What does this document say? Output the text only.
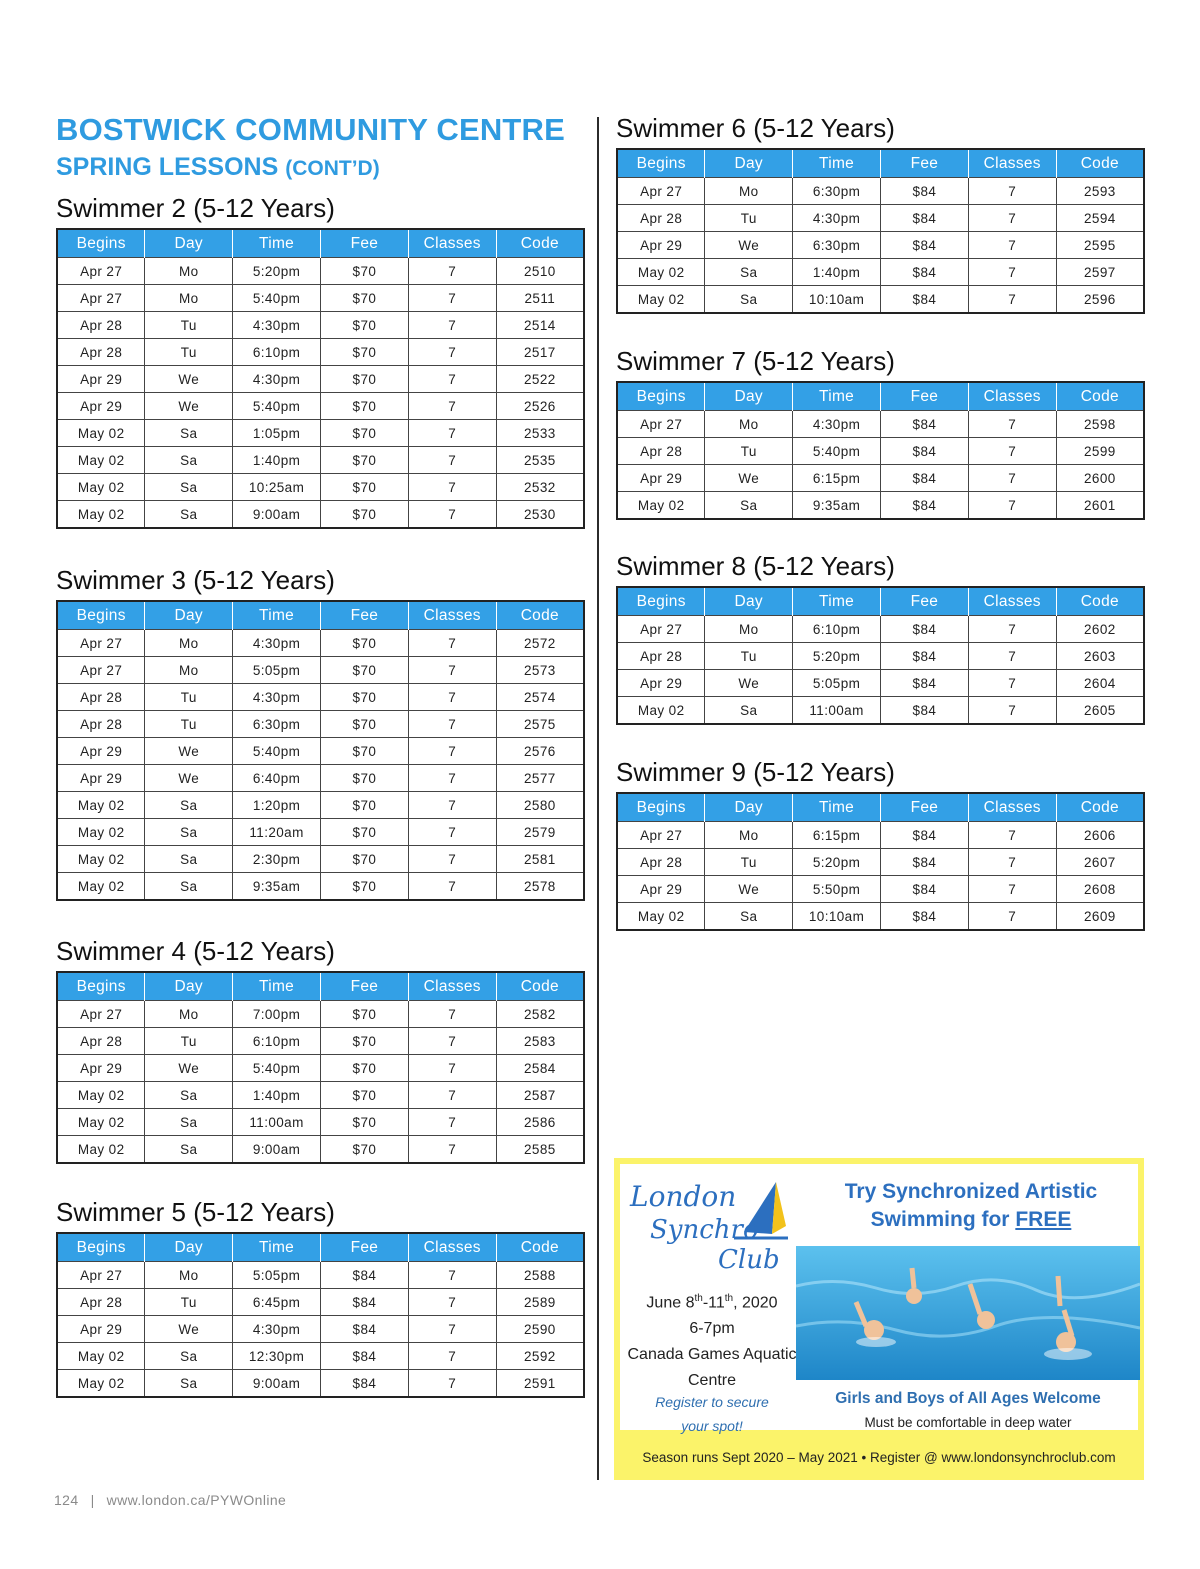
BOSTWICK COMMUNITY CENTRE
SPRING LESSONS (CONT’D)
Swimmer 2 (5-12 Years)
Begins	Day	Time	Fee	Classes	Code
Apr 27	Mo	5:20pm	$70	7	2510
Apr 27	Mo	5:40pm	$70	7	2511
Apr 28	Tu	4:30pm	$70	7	2514
Apr 28	Tu	6:10pm	$70	7	2517
Apr 29	We	4:30pm	$70	7	2522
Apr 29	We	5:40pm	$70	7	2526
May 02	Sa	1:05pm	$70	7	2533
May 02	Sa	1:40pm	$70	7	2535
May 02	Sa	10:25am	$70	7	2532
May 02	Sa	9:00am	$70	7	2530
Swimmer 3 (5-12 Years)
Begins	Day	Time	Fee	Classes	Code
Apr 27	Mo	4:30pm	$70	7	2572
Apr 27	Mo	5:05pm	$70	7	2573
Apr 28	Tu	4:30pm	$70	7	2574
Apr 28	Tu	6:30pm	$70	7	2575
Apr 29	We	5:40pm	$70	7	2576
Apr 29	We	6:40pm	$70	7	2577
May 02	Sa	1:20pm	$70	7	2580
May 02	Sa	11:20am	$70	7	2579
May 02	Sa	2:30pm	$70	7	2581
May 02	Sa	9:35am	$70	7	2578
Swimmer 4 (5-12 Years)
Begins	Day	Time	Fee	Classes	Code
Apr 27	Mo	7:00pm	$70	7	2582
Apr 28	Tu	6:10pm	$70	7	2583
Apr 29	We	5:40pm	$70	7	2584
May 02	Sa	1:40pm	$70	7	2587
May 02	Sa	11:00am	$70	7	2586
May 02	Sa	9:00am	$70	7	2585
Swimmer 5 (5-12 Years)
Begins	Day	Time	Fee	Classes	Code
Apr 27	Mo	5:05pm	$84	7	2588
Apr 28	Tu	6:45pm	$84	7	2589
Apr 29	We	4:30pm	$84	7	2590
May 02	Sa	12:30pm	$84	7	2592
May 02	Sa	9:00am	$84	7	2591
Swimmer 6 (5-12 Years)
Begins	Day	Time	Fee	Classes	Code
Apr 27	Mo	6:30pm	$84	7	2593
Apr 28	Tu	4:30pm	$84	7	2594
Apr 29	We	6:30pm	$84	7	2595
May 02	Sa	1:40pm	$84	7	2597
May 02	Sa	10:10am	$84	7	2596
Swimmer 7 (5-12 Years)
Begins	Day	Time	Fee	Classes	Code
Apr 27	Mo	4:30pm	$84	7	2598
Apr 28	Tu	5:40pm	$84	7	2599
Apr 29	We	6:15pm	$84	7	2600
May 02	Sa	9:35am	$84	7	2601
Swimmer 8 (5-12 Years)
Begins	Day	Time	Fee	Classes	Code
Apr 27	Mo	6:10pm	$84	7	2602
Apr 28	Tu	5:20pm	$84	7	2603
Apr 29	We	5:05pm	$84	7	2604
May 02	Sa	11:00am	$84	7	2605
Swimmer 9 (5-12 Years)
Begins	Day	Time	Fee	Classes	Code
Apr 27	Mo	6:15pm	$84	7	2606
Apr 28	Tu	5:20pm	$84	7	2607
Apr 29	We	5:50pm	$84	7	2608
May 02	Sa	10:10am	$84	7	2609
London
Synchro
Club
June 8th-11th, 2020
6-7pm
Canada Games Aquatic
Centre
Register to secure
your spot!
Try Synchronized Artistic
Swimming for FREE
Girls and Boys of All Ages Welcome
Must be comfortable in deep water
Season runs Sept 2020 – May 2021 • Register @ www.londonsynchroclub.com
124 | www.london.ca/PYWOnline
